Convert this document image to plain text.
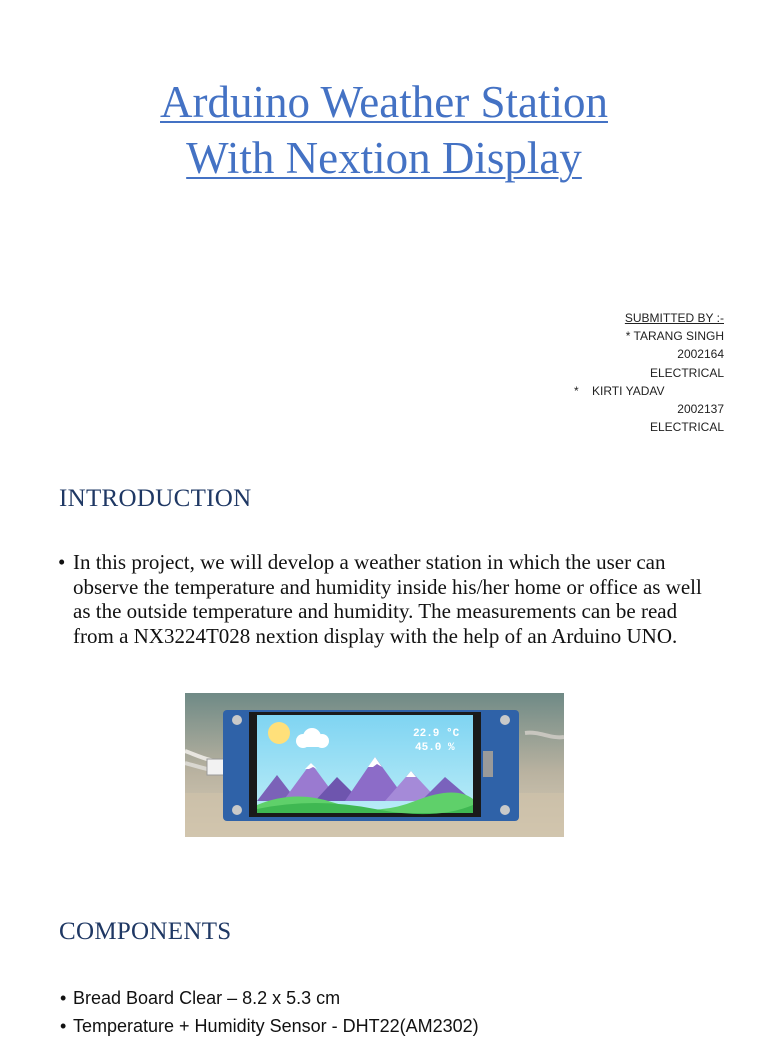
Arduino Weather Station
With Nextion Display
SUBMITTED BY :-
* TARANG SINGH
2002164
ELECTRICAL
*    KIRTI YADAV
2002137
ELECTRICAL
INTRODUCTION

• In this project, we will develop a weather station in which the user can observe the temperature and humidity inside his/her home or office as well as the outside temperature and humidity. The measurements can be read from a NX3224T028 nextion display with the help of an Arduino UNO.

22.9 °C
45.0 %
COMPONENTS
• Bread Board Clear – 8.2 x 5.3 cm
• Temperature + Humidity Sensor - DHT22(AM2302)
